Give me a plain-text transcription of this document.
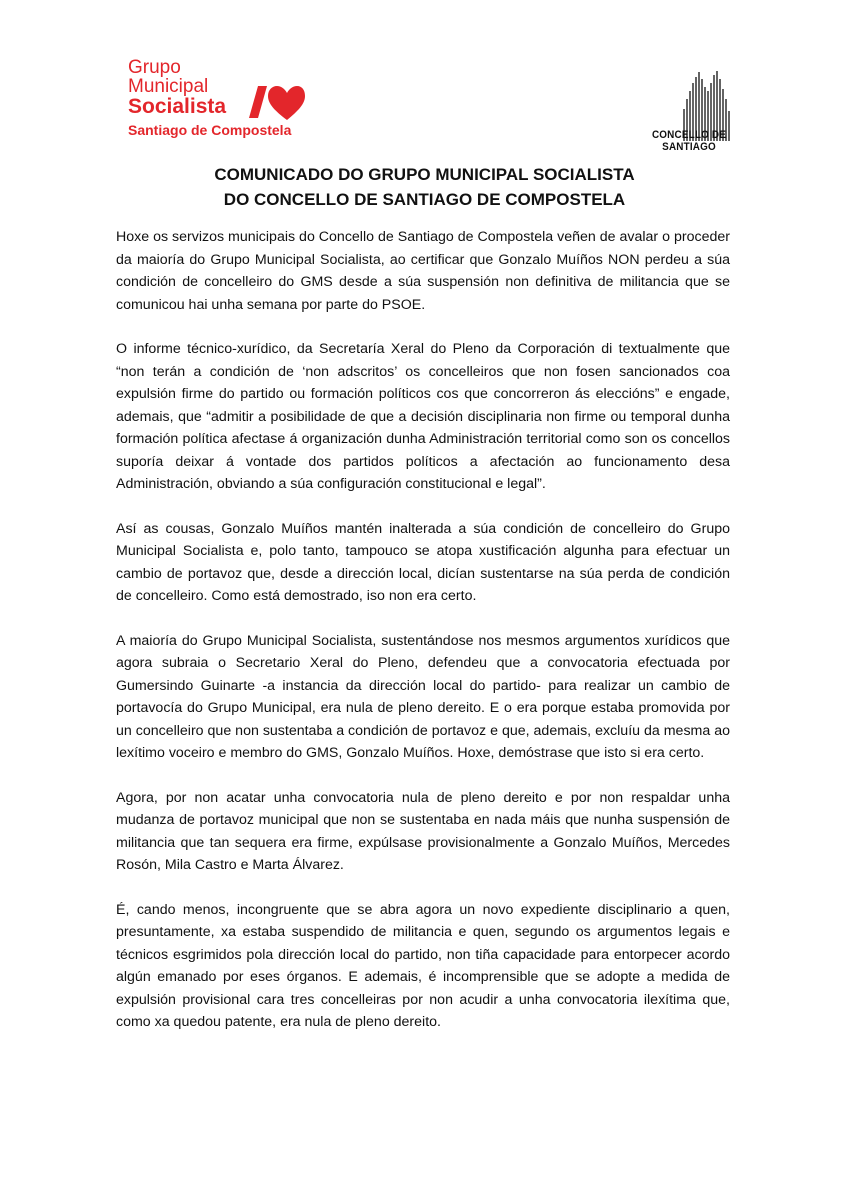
Grupo
Municipal
Socialista
Santiago de Compostela	CONCELLO DE
SANTIAGO
COMUNICADO DO GRUPO MUNICIPAL SOCIALISTA
DO CONCELLO DE SANTIAGO DE COMPOSTELA

Hoxe os servizos municipais do Concello de Santiago de Compostela veñen de avalar o proceder da maioría do Grupo Municipal Socialista, ao certificar que Gonzalo Muíños NON perdeu a súa condición de concelleiro do GMS desde a súa suspensión non definitiva de militancia que se comunicou hai unha semana por parte do PSOE.

O informe técnico-xurídico, da Secretaría Xeral do Pleno da Corporación di textualmente que “non terán a condición de ‘non adscritos’ os concelleiros que non fosen sancionados coa expulsión firme do partido ou formación políticos cos que concorreron ás eleccións” e engade, ademais, que “admitir a posibilidade de que a decisión disciplinaria non firme ou temporal dunha formación política afectase á organización dunha Administración territorial como son os concellos suporía deixar á vontade dos partidos políticos a afectación ao funcionamento desa Administración, obviando a súa configuración constitucional e legal”.

Así as cousas, Gonzalo Muíños mantén inalterada a súa condición de concelleiro do Grupo Municipal Socialista e, polo tanto, tampouco se atopa xustificación algunha para efectuar un cambio de portavoz que, desde a dirección local, dicían sustentarse na súa perda de condición de concelleiro. Como está demostrado, iso non era certo.

A maioría do Grupo Municipal Socialista, sustentándose nos mesmos argumentos xurídicos que agora subraia o Secretario Xeral do Pleno, defendeu que a convocatoria efectuada por Gumersindo Guinarte -a instancia da dirección local do partido- para realizar un cambio de portavocía do Grupo Municipal, era nula de pleno dereito. E o era porque estaba promovida por un concelleiro que non sustentaba a condición de portavoz e que, ademais, excluíu da mesma ao lexítimo voceiro e membro do GMS, Gonzalo Muíños. Hoxe, demóstrase que isto si era certo.

Agora, por non acatar unha convocatoria nula de pleno dereito e por non respaldar unha mudanza de portavoz municipal que non se sustentaba en nada máis que nunha suspensión de militancia que tan sequera era firme, expúlsase provisionalmente a Gonzalo Muíños, Mercedes Rosón, Mila Castro e Marta Álvarez.

É, cando menos, incongruente que se abra agora un novo expediente disciplinario a quen, presuntamente, xa estaba suspendido de militancia e quen, segundo os argumentos legais e técnicos esgrimidos pola dirección local do partido, non tiña capacidade para entorpecer acordo algún emanado por eses órganos. E ademais, é incomprensible que se adopte a medida de expulsión provisional cara tres concelleiras por non acudir a unha convocatoria ilexítima que, como xa quedou patente, era nula de pleno dereito.
